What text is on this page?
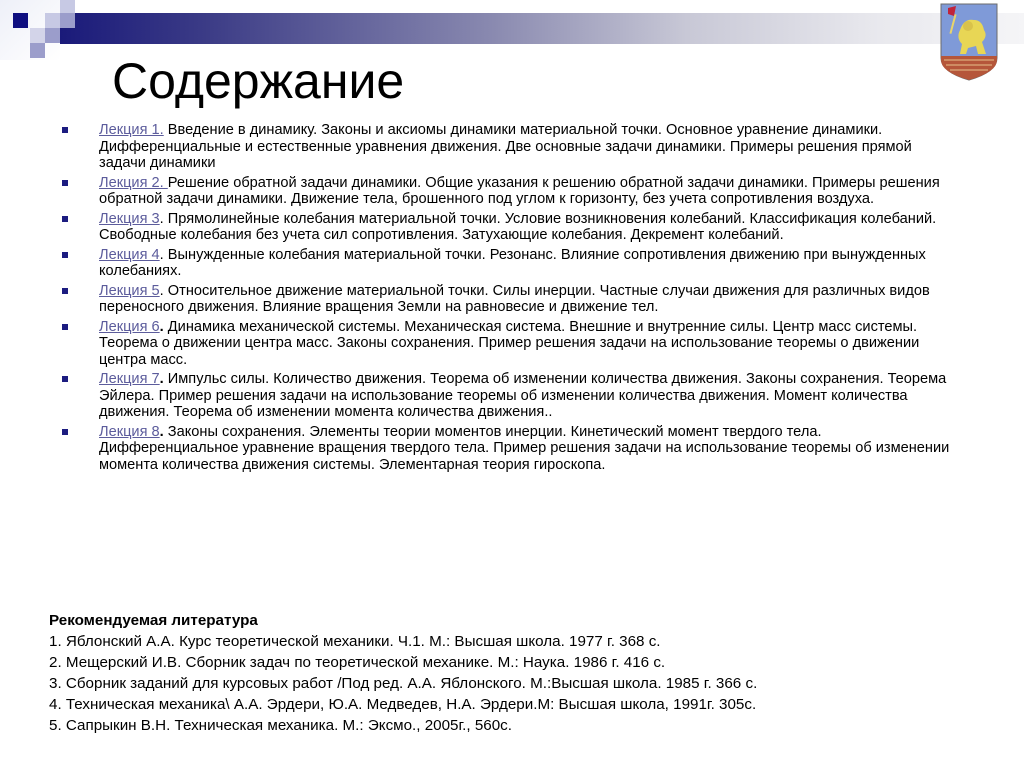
Содержание
Лекция 1. Введение в динамику. Законы и аксиомы динамики материальной точки. Основное уравнение динамики. Дифференциальные и естественные уравнения движения. Две основные задачи динамики. Примеры решения прямой задачи динамики
Лекция 2. Решение обратной задачи динамики. Общие указания к решению обратной задачи динамики. Примеры решения обратной задачи динамики. Движение тела, брошенного под углом к горизонту, без учета сопротивления воздуха.
Лекция 3. Прямолинейные колебания материальной точки. Условие возникновения колебаний. Классификация колебаний. Свободные колебания без учета сил сопротивления. Затухающие колебания. Декремент колебаний.
Лекция 4. Вынужденные колебания материальной точки. Резонанс. Влияние сопротивления движению при вынужденных колебаниях.
Лекция 5. Относительное движение материальной точки. Силы инерции. Частные случаи движения для различных видов переносного движения. Влияние вращения Земли на равновесие и движение тел.
Лекция 6. Динамика механической системы. Механическая система. Внешние и внутренние силы. Центр масс системы. Теорема о движении центра масс. Законы сохранения. Пример решения задачи на использование теоремы о движении центра масс.
Лекция 7. Импульс силы. Количество движения. Теорема об изменении количества движения. Законы сохранения. Теорема Эйлера. Пример решения задачи на использование теоремы об изменении количества движения. Момент количества движения. Теорема об изменении момента количества движения..
Лекция 8. Законы сохранения. Элементы теории моментов инерции. Кинетический момент твердого тела. Дифференциальное уравнение вращения твердого тела. Пример решения задачи на использование теоремы об изменении момента количества движения системы. Элементарная теория гироскопа.
Рекомендуемая литература
1. Яблонский А.А. Курс теоретической механики. Ч.1. М.: Высшая школа. 1977 г. 368 с.
2. Мещерский И.В. Сборник задач по теоретической механике. М.: Наука. 1986 г. 416 с.
3. Сборник заданий для курсовых работ /Под ред. А.А. Яблонского. М.:Высшая школа. 1985 г. 366 с.
4. Техническая механика\ А.А. Эрдери, Ю.А. Медведев, Н.А. Эрдери.М: Высшая школа, 1991г. 305с.
5. Сапрыкин В.Н. Техническая механика. М.: Эксмо., 2005г., 560с.
